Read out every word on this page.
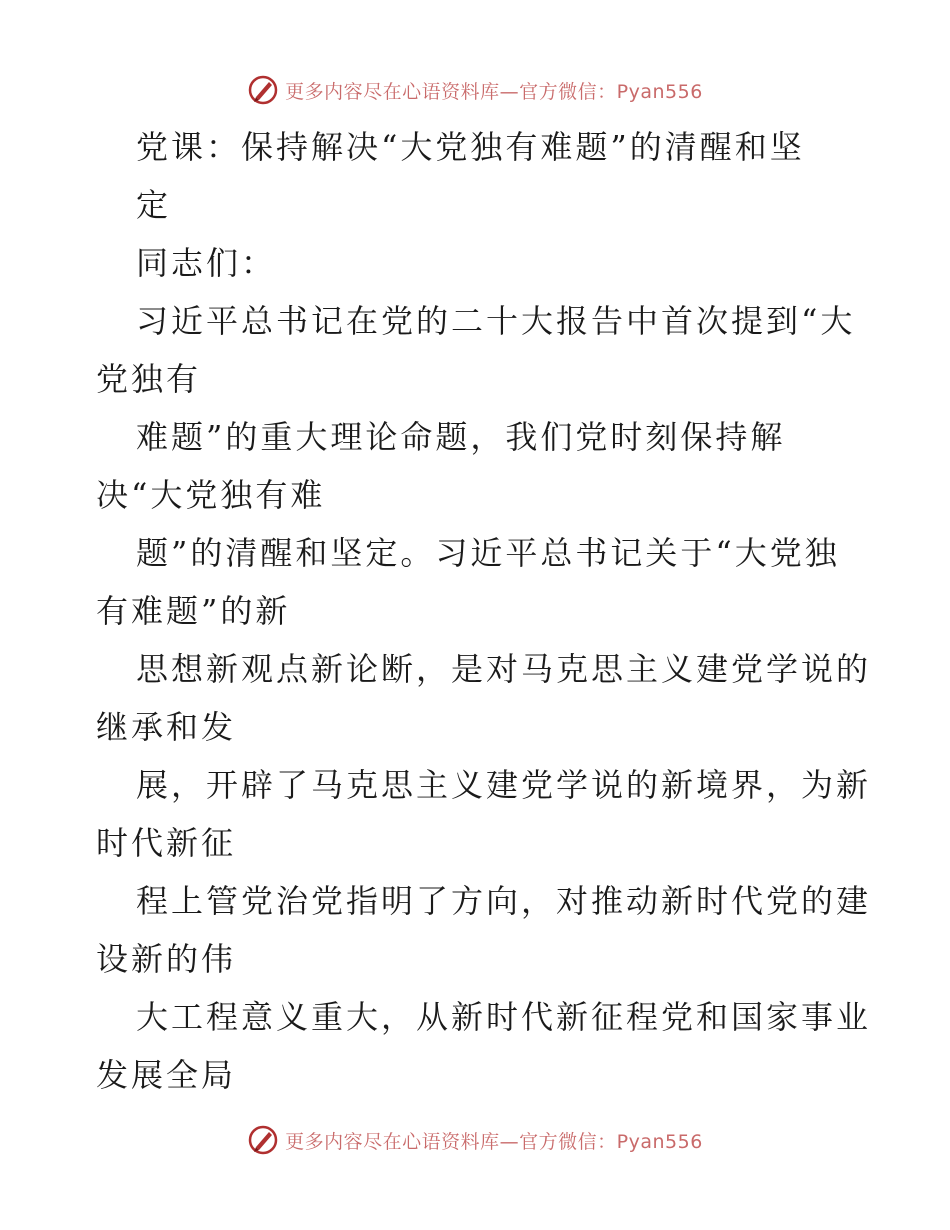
更多内容尽在心语资料库—官方微信：Pyan556
党课：保持解决“大党独有难题”的清醒和坚
定
同志们：
习近平总书记在党的二十大报告中首次提到“大
党独有
难题”的重大理论命题，我们党时刻保持解
决“大党独有难
题”的清醒和坚定。习近平总书记关于“大党独
有难题”的新
思想新观点新论断，是对马克思主义建党学说的
继承和发
展，开辟了马克思主义建党学说的新境界，为新
时代新征
程上管党治党指明了方向，对推动新时代党的建
设新的伟
大工程意义重大，从新时代新征程党和国家事业
发展全局
更多内容尽在心语资料库—官方微信：Pyan556
